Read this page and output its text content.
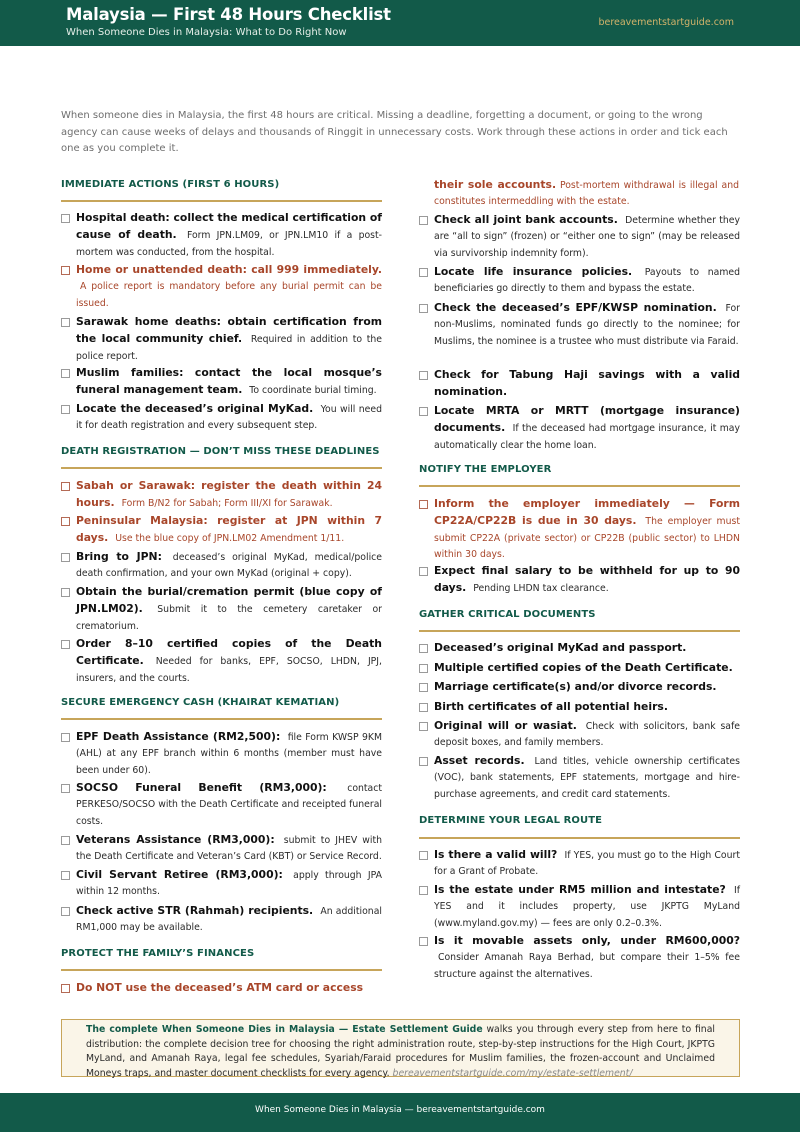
Malaysia — First 48 Hours Checklist
When Someone Dies in Malaysia: What to Do Right Now
bereavementstartguide.com
When someone dies in Malaysia, the first 48 hours are critical. Missing a deadline, forgetting a document, or going to the wrong agency can cause weeks of delays and thousands of Ringgit in unnecessary costs. Work through these actions in order and tick each one as you complete it.
IMMEDIATE ACTIONS (FIRST 6 HOURS)
Hospital death: collect the medical certification of cause of death. Form JPN.LM09, or JPN.LM10 if a post-mortem was conducted, from the hospital.
Home or unattended death: call 999 immediately. A police report is mandatory before any burial permit can be issued.
Sarawak home deaths: obtain certification from the local community chief. Required in addition to the police report.
Muslim families: contact the local mosque’s funeral management team. To coordinate burial timing.
Locate the deceased’s original MyKad. You will need it for death registration and every subsequent step.
DEATH REGISTRATION — DON’T MISS THESE DEADLINES
Sabah or Sarawak: register the death within 24 hours. Form B/N2 for Sabah; Form III/XI for Sarawak.
Peninsular Malaysia: register at JPN within 7 days. Use the blue copy of JPN.LM02 Amendment 1/11.
Bring to JPN: deceased’s original MyKad, medical/police death confirmation, and your own MyKad (original + copy).
Obtain the burial/cremation permit (blue copy of JPN.LM02). Submit it to the cemetery caretaker or crematorium.
Order 8–10 certified copies of the Death Certificate. Needed for banks, EPF, SOCSO, LHDN, JPJ, insurers, and the courts.
SECURE EMERGENCY CASH (KHAIRAT KEMATIAN)
EPF Death Assistance (RM2,500): file Form KWSP 9KM (AHL) at any EPF branch within 6 months (member must have been under 60).
SOCSO Funeral Benefit (RM3,000): contact PERKESO/SOCSO with the Death Certificate and receipted funeral costs.
Veterans Assistance (RM3,000): submit to JHEV with the Death Certificate and Veteran’s Card (KBT) or Service Record.
Civil Servant Retiree (RM3,000): apply through JPA within 12 months.
Check active STR (Rahmah) recipients. An additional RM1,000 may be available.
PROTECT THE FAMILY’S FINANCES
Do NOT use the deceased’s ATM card or access
their sole accounts. Post-mortem withdrawal is illegal and constitutes intermeddling with the estate.
Check all joint bank accounts. Determine whether they are “all to sign” (frozen) or “either one to sign” (may be released via survivorship indemnity form).
Locate life insurance policies. Payouts to named beneficiaries go directly to them and bypass the estate.
Check the deceased’s EPF/KWSP nomination. For non-Muslims, nominated funds go directly to the nominee; for Muslims, the nominee is a trustee who must distribute via Faraid.
Check for Tabung Haji savings with a valid nomination.
Locate MRTA or MRTT (mortgage insurance) documents. If the deceased had mortgage insurance, it may automatically clear the home loan.
NOTIFY THE EMPLOYER
Inform the employer immediately — Form CP22A/CP22B is due in 30 days. The employer must submit CP22A (private sector) or CP22B (public sector) to LHDN within 30 days.
Expect final salary to be withheld for up to 90 days. Pending LHDN tax clearance.
GATHER CRITICAL DOCUMENTS
Deceased’s original MyKad and passport.
Multiple certified copies of the Death Certificate.
Marriage certificate(s) and/or divorce records.
Birth certificates of all potential heirs.
Original will or wasiat. Check with solicitors, bank safe deposit boxes, and family members.
Asset records. Land titles, vehicle ownership certificates (VOC), bank statements, EPF statements, mortgage and hire-purchase agreements, and credit card statements.
DETERMINE YOUR LEGAL ROUTE
Is there a valid will? If YES, you must go to the High Court for a Grant of Probate.
Is the estate under RM5 million and intestate? If YES and it includes property, use JKPTG MyLand (www.myland.gov.my) — fees are only 0.2–0.3%.
Is it movable assets only, under RM600,000? Consider Amanah Raya Berhad, but compare their 1–5% fee structure against the alternatives.
The complete When Someone Dies in Malaysia — Estate Settlement Guide walks you through every step from here to final distribution: the complete decision tree for choosing the right administration route, step-by-step instructions for the High Court, JKPTG MyLand, and Amanah Raya, legal fee schedules, Syariah/Faraid procedures for Muslim families, the frozen-account and Unclaimed Moneys traps, and master document checklists for every agency. bereavementstartguide.com/my/estate-settlement/
When Someone Dies in Malaysia — bereavementstartguide.com
